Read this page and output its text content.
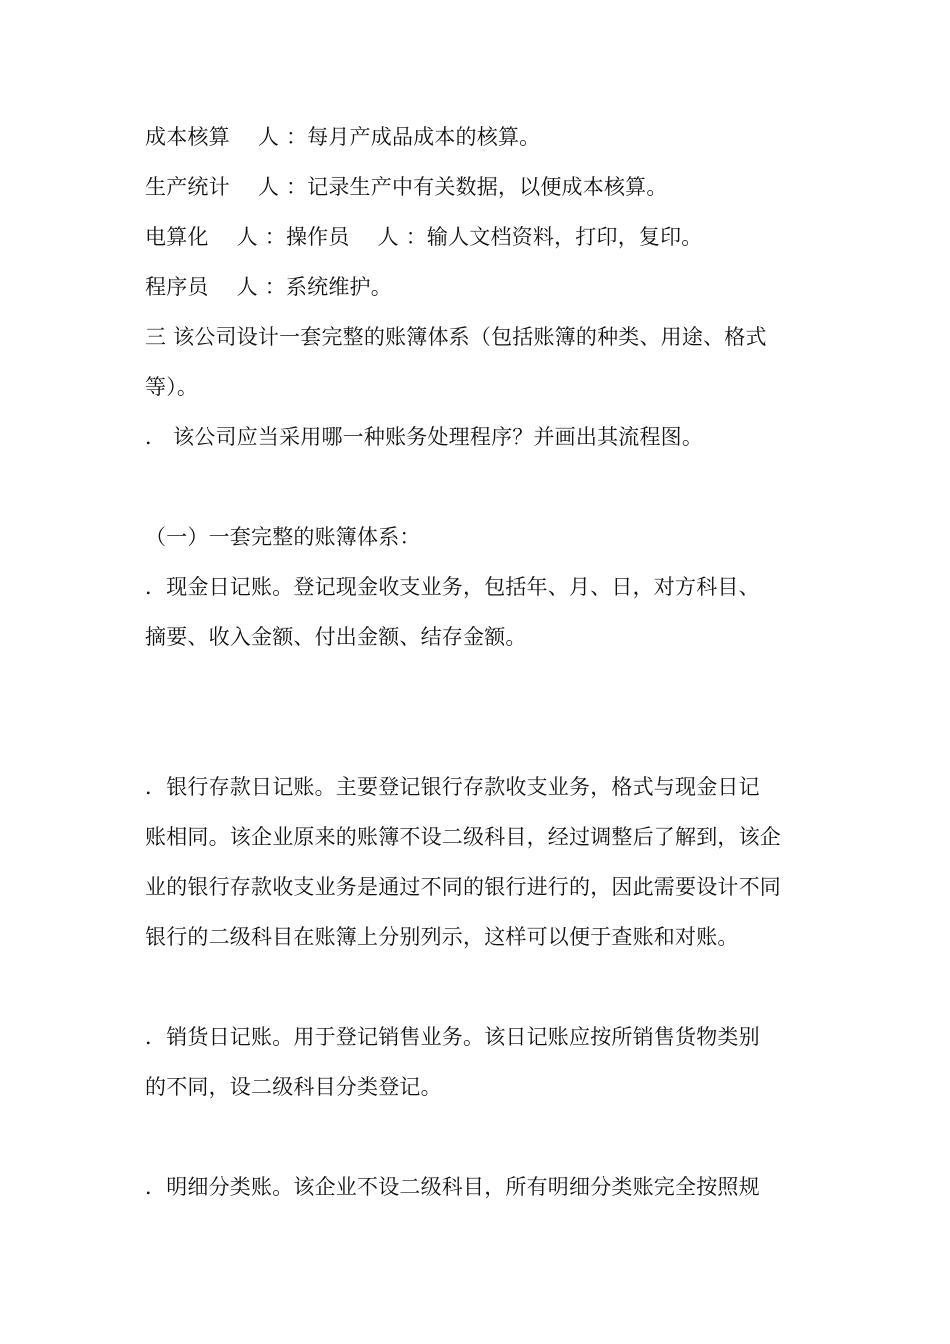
成本核算　 人 ：每月产成品成本的核算。
生产统计　 人 ：记录生产中有关数据，以便成本核算。
电算化　 人 ：操作员　 人 ：输人文档资料，打印，复印。
程序员　 人 ：系统维护。
三 该公司设计一套完整的账簿体系（包括账簿的种类、用途、格式
等）。
． 该公司应当采用哪一种账务处理程序？并画出其流程图。
（一）一套完整的账簿体系：
．现金日记账。登记现金收支业务，包括年、月、日，对方科目、
摘要、收入金额、付出金额、结存金额。
．银行存款日记账。主要登记银行存款收支业务，格式与现金日记
账相同。该企业原来的账簿不设二级科目，经过调整后了解到，该企
业的银行存款收支业务是通过不同的银行进行的，因此需要设计不同
银行的二级科目在账簿上分别列示，这样可以便于查账和对账。
．销货日记账。用于登记销售业务。该日记账应按所销售货物类别
的不同，设二级科目分类登记。
．明细分类账。该企业不设二级科目，所有明细分类账完全按照规
